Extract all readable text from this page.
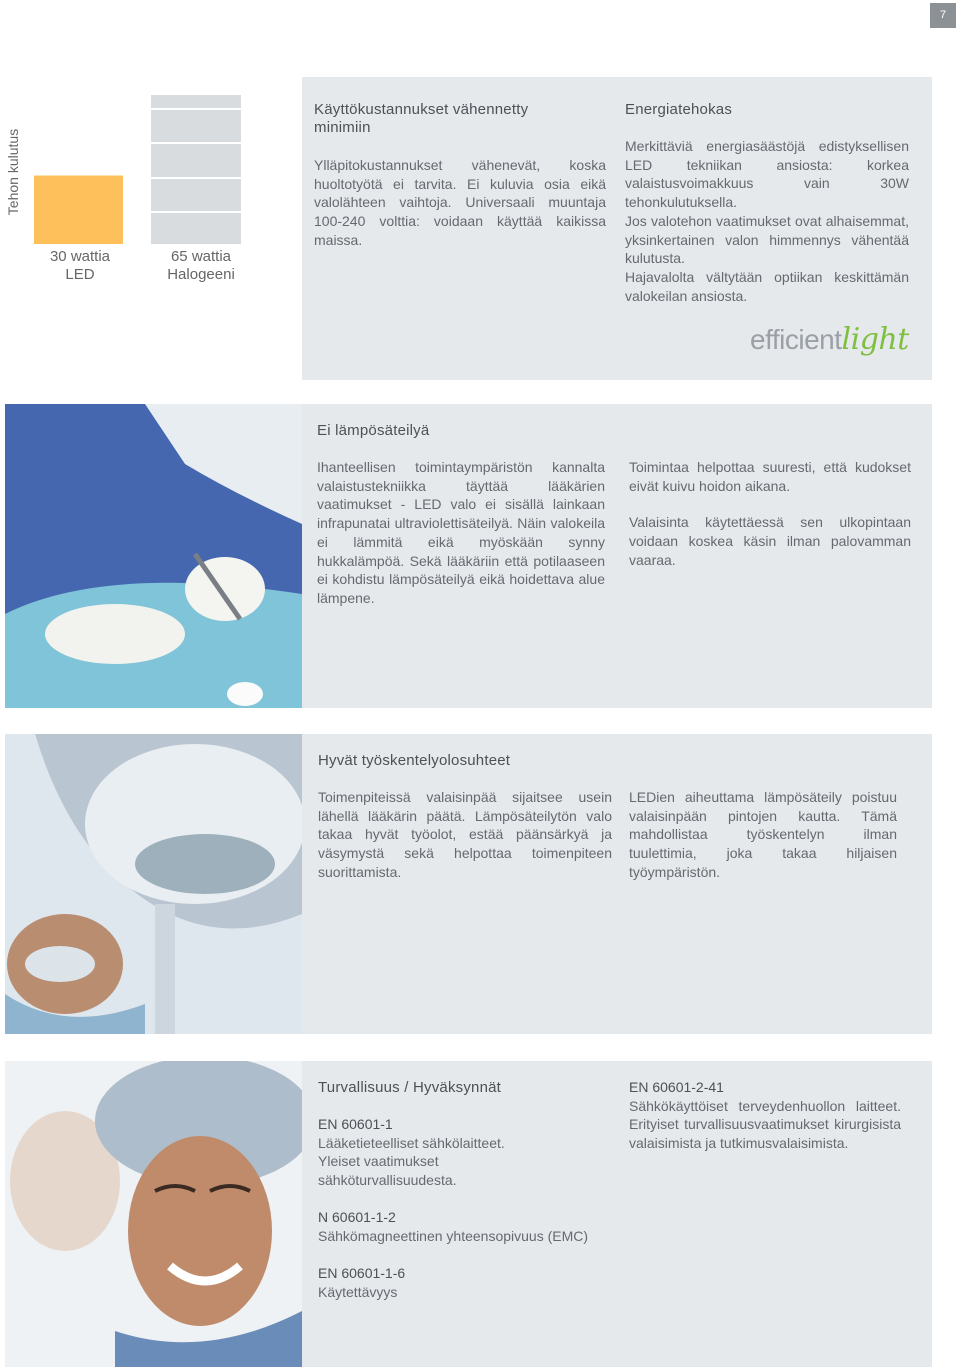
7
Tehon kulutus
30 wattia
LED
65 wattia
Halogeeni
Käyttökustannukset vähennetty minimiin
Ylläpitokustannukset vähenevät, koska huoltotyötä ei tarvita. Ei kuluvia osia eikä valolähteen vaihtoja. Universaali muuntaja 100-240 volttia: voidaan käyttää kaikissa maissa.
Energiatehokas

Merkittäviä energiasäästöjä edistyksellisen LED tekniikan ansiosta: korkea valaistusvoimakkuus vain 30W tehonkulutuksella.

Jos valotehon vaatimukset ovat alhaisemmat, yksinkertainen valon himmennys vähentää kulutusta.

Hajavalolta vältytään optiikan keskittämän valokeilan ansiosta.

efficientlight
Ei lämpösäteilyä
Ihanteellisen toimintaympäristön kannalta valaistustekniikka täyttää lääkärien vaatimukset - LED valo ei sisällä lainkaan infrapunatai ultraviolettisäteilyä. Näin valokeila ei lämmitä eikä myöskään synny hukkalämpöä. Sekä lääkäriin että potilaaseen ei kohdistu lämpösäteilyä eikä hoidettava alue lämpene.

Toimintaa helpottaa suuresti, että kudokset eivät kuivu hoidon aikana.

Valaisinta käytettäessä sen ulkopintaan voidaan koskea käsin ilman palovamman vaaraa.

Hyvät työskentelyolosuhteet
Toimenpiteissä valaisinpää sijaitsee usein lähellä lääkärin päätä. Lämpösäteilytön valo takaa hyvät työolot, estää päänsärkyä ja väsymystä sekä helpottaa toimenpiteen suorittamista.
LEDien aiheuttama lämpösäteily poistuu valaisinpään pintojen kautta. Tämä mahdollistaa työskentelyn ilman tuulettimia, joka takaa hiljaisen työympäristön.
Turvallisuus / Hyväksynnät

EN 60601-1

Lääketieteelliset sähkölaitteet.

Yleiset vaatimukset sähköturvallisuudesta.

N 60601-1-2

Sähkömagneettinen yhteensopivuus (EMC)

EN 60601-1-6

Käytettävyys

EN 60601-2-41

Sähkökäyttöiset terveydenhuollon laitteet. Erityiset turvallisuusvaatimukset kirurgisista valaisimista ja tutkimusvalaisimista.
